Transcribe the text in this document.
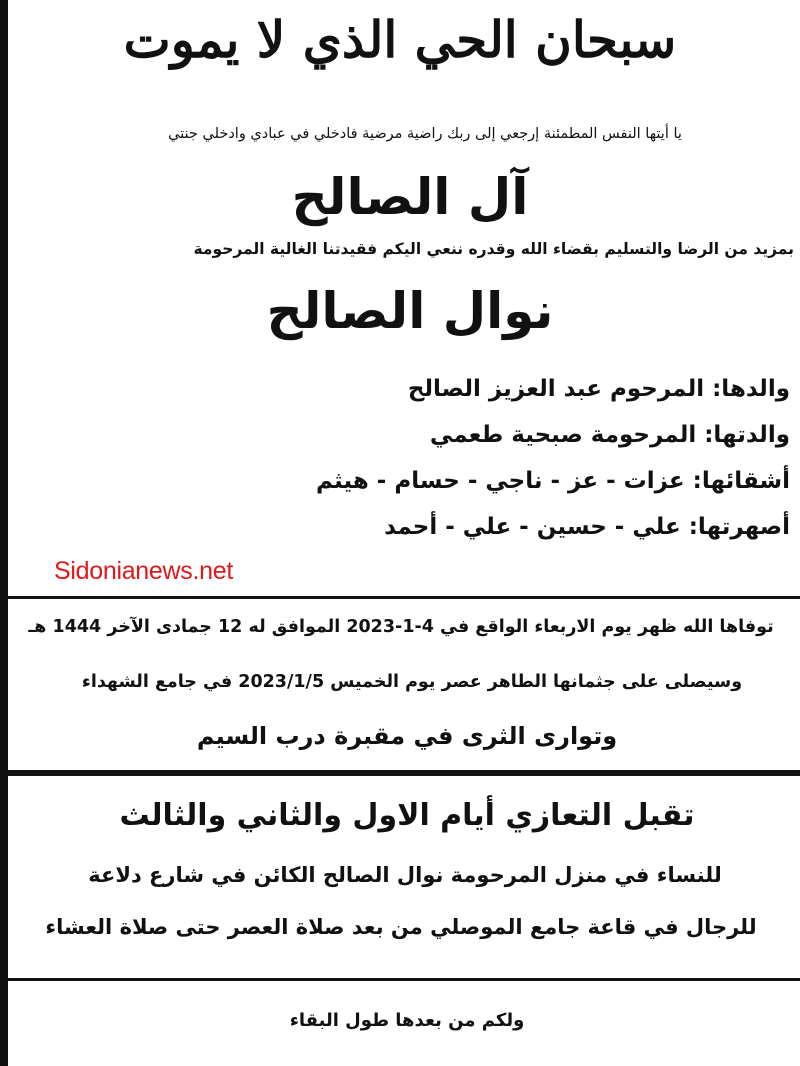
سبحان الحي الذي لا يموت
يا أيتها النفس المطمئنة إرجعي إلى ربك راضية مرضية فادخلي في عبادي وادخلي جنتي
آل الصالح
بمزيد من الرضا والتسليم بقضاء الله وقدره ننعي اليكم فقيدتنا الغالية المرحومة
نوال الصالح
والدها: المرحوم عبد العزيز الصالح
والدتها: المرحومة صبحية طعمي
أشقائها: عزات - عز - ناجي - حسام - هيثم
أصهرتها: علي - حسين - علي - أحمد
Sidonianews.net
توفاها الله ظهر يوم الاربعاء الواقع في 4-1-2023 الموافق له 12 جمادى الآخر 1444 هـ
وسيصلى على جثمانها الطاهر عصر يوم الخميس 2023/1/5 في جامع الشهداء
وتوارى الثرى في مقبرة درب السيم
تقبل التعازي أيام الاول والثاني والثالث
للنساء في منزل المرحومة نوال الصالح الكائن في شارع دلاعة
للرجال في قاعة جامع الموصلي من بعد صلاة العصر حتى صلاة العشاء
ولكم من بعدها طول البقاء
